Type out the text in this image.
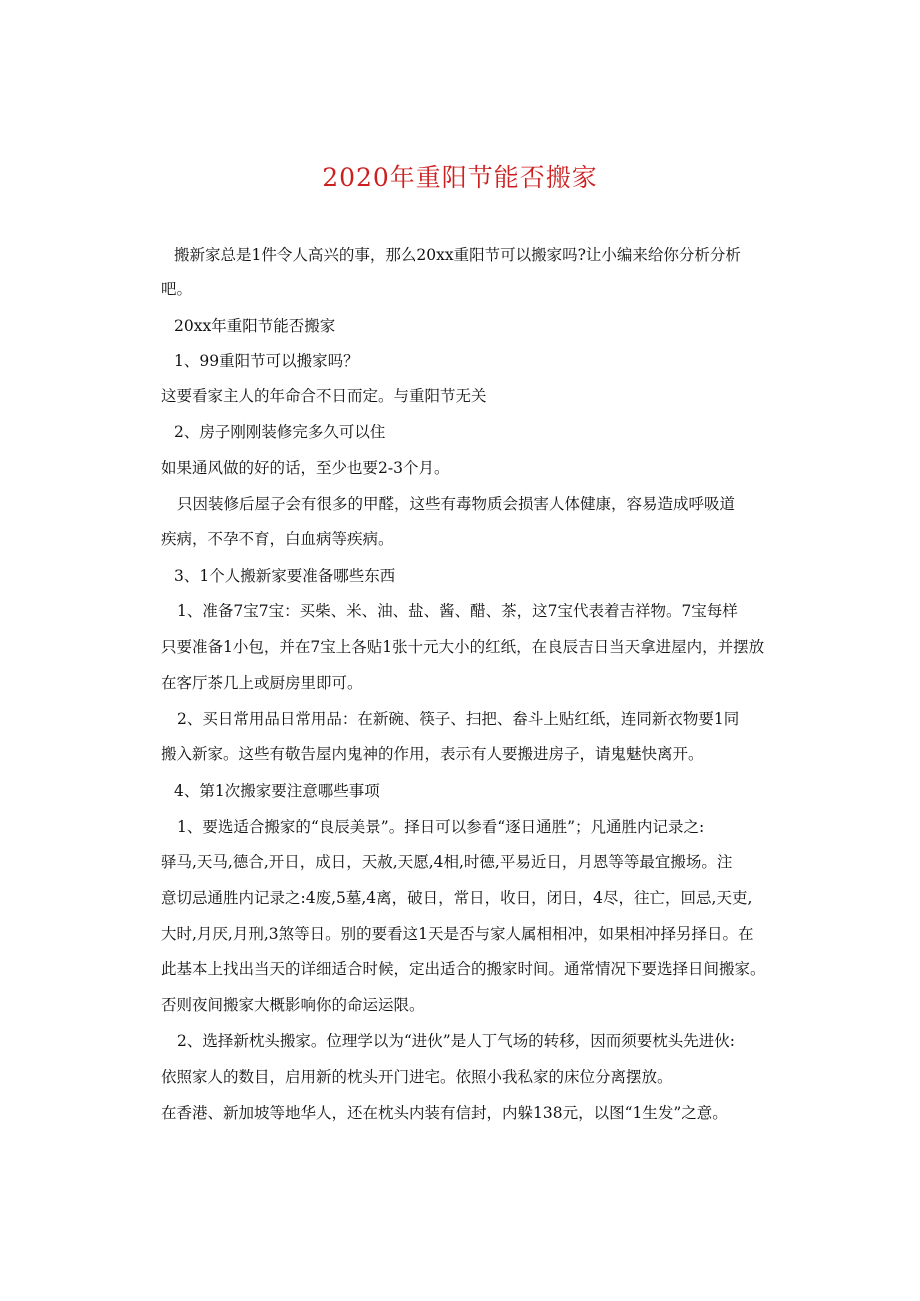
2020年重阳节能否搬家
搬新家总是1件令人高兴的事，那么20xx重阳节可以搬家吗?让小编来给你分析分析
吧。
20xx年重阳节能否搬家
1、99重阳节可以搬家吗？
这要看家主人的年命合不日而定。与重阳节无关
2、房子刚刚装修完多久可以住
如果通风做的好的话，至少也要2-3个月。
只因装修后屋子会有很多的甲醛，这些有毒物质会损害人体健康，容易造成呼吸道
疾病，不孕不育，白血病等疾病。
3、1个人搬新家要准备哪些东西
1、准备7宝7宝：买柴、米、油、盐、酱、醋、茶，这7宝代表着吉祥物。7宝每样
只要准备1小包，并在7宝上各贴1张十元大小的红纸，在良辰吉日当天拿进屋内，并摆放
在客厅茶几上或厨房里即可。
2、买日常用品日常用品：在新碗、筷子、扫把、畚斗上贴红纸，连同新衣物要1同
搬入新家。这些有敬告屋内鬼神的作用，表示有人要搬进房子，请鬼魅快离开。
4、第1次搬家要注意哪些事项
1、要选适合搬家的“良辰美景”。择日可以参看“逐日通胜”；凡通胜内记录之:
驿马,天马,德合,开日，成日，天赦,天愿,4相,时德,平易近日，月恩等等最宜搬场。注
意切忌通胜内记录之:4废,5墓,4离，破日，常日，收日，闭日，4尽，往亡，回忌,天吏,
大时,月厌,月刑,3煞等日。别的要看这1天是否与家人属相相冲，如果相冲择另择日。在
此基本上找出当天的详细适合时候，定出适合的搬家时间。通常情况下要选择日间搬家。
否则夜间搬家大概影响你的命运运限。
2、选择新枕头搬家。位理学以为“进伙”是人丁气场的转移，因而须要枕头先进伙:
依照家人的数目，启用新的枕头开门进宅。依照小我私家的床位分离摆放。
在香港、新加坡等地华人，还在枕头内装有信封，内躲138元，以图“1生发”之意。
